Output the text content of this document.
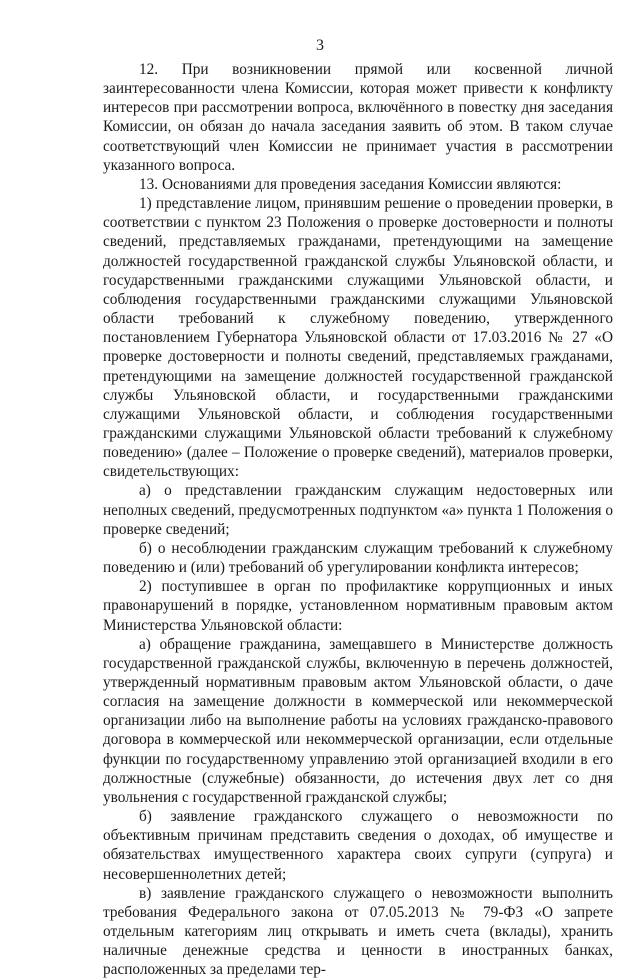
3

12. При возникновении прямой или косвенной личной заинтересованности члена Комиссии, которая может привести к конфликту интересов при рассмотрении вопроса, включённого в повестку дня заседания Комиссии, он обязан до начала заседания заявить об этом. В таком случае соответствующий член Комиссии не принимает участия в рассмотрении указанного вопроса.

13. Основаниями для проведения заседания Комиссии являются:

1) представление лицом, принявшим решение о проведении проверки, в соответствии с пунктом 23 Положения о проверке достоверности и полноты сведений, представляемых гражданами, претендующими на замещение должностей государственной гражданской службы Ульяновской области, и государственными гражданскими служащими Ульяновской области, и соблюдения государственными гражданскими служащими Ульяновской области требований к служебному поведению, утвержденного постановлением Губернатора Ульяновской области от 17.03.2016 № 27 «О проверке достоверности и полноты сведений, представляемых гражданами, претендующими на замещение должностей государственной гражданской службы Ульяновской области, и государственными гражданскими служащими Ульяновской области, и соблюдения государственными гражданскими служащими Ульяновской области требований к служебному поведению» (далее – Положение о проверке сведений), материалов проверки, свидетельствующих:

а) о представлении гражданским служащим недостоверных или неполных сведений, предусмотренных подпунктом «а» пункта 1 Положения о проверке сведений;

б) о несоблюдении гражданским служащим требований к служебному поведению и (или) требований об урегулировании конфликта интересов;

2) поступившее в орган по профилактике коррупционных и иных правонарушений в порядке, установленном нормативным правовым актом Министерства Ульяновской области:

а) обращение гражданина, замещавшего в Министерстве должность государственной гражданской службы, включенную в перечень должностей, утвержденный нормативным правовым актом Ульяновской области, о даче согласия на замещение должности в коммерческой или некоммерческой организации либо на выполнение работы на условиях гражданско-правового договора в коммерческой или некоммерческой организации, если отдельные функции по государственному управлению этой организацией входили в его должностные (служебные) обязанности, до истечения двух лет со дня увольнения с государственной гражданской службы;

б) заявление гражданского служащего о невозможности по объективным причинам представить сведения о доходах, об имуществе и обязательствах имущественного характера своих супруги (супруга) и несовершеннолетних детей;

в) заявление гражданского служащего о невозможности выполнить требования Федерального закона от 07.05.2013 № 79-ФЗ «О запрете отдельным категориям лиц открывать и иметь счета (вклады), хранить наличные денежные средства и ценности в иностранных банках, расположенных за пределами тер-
